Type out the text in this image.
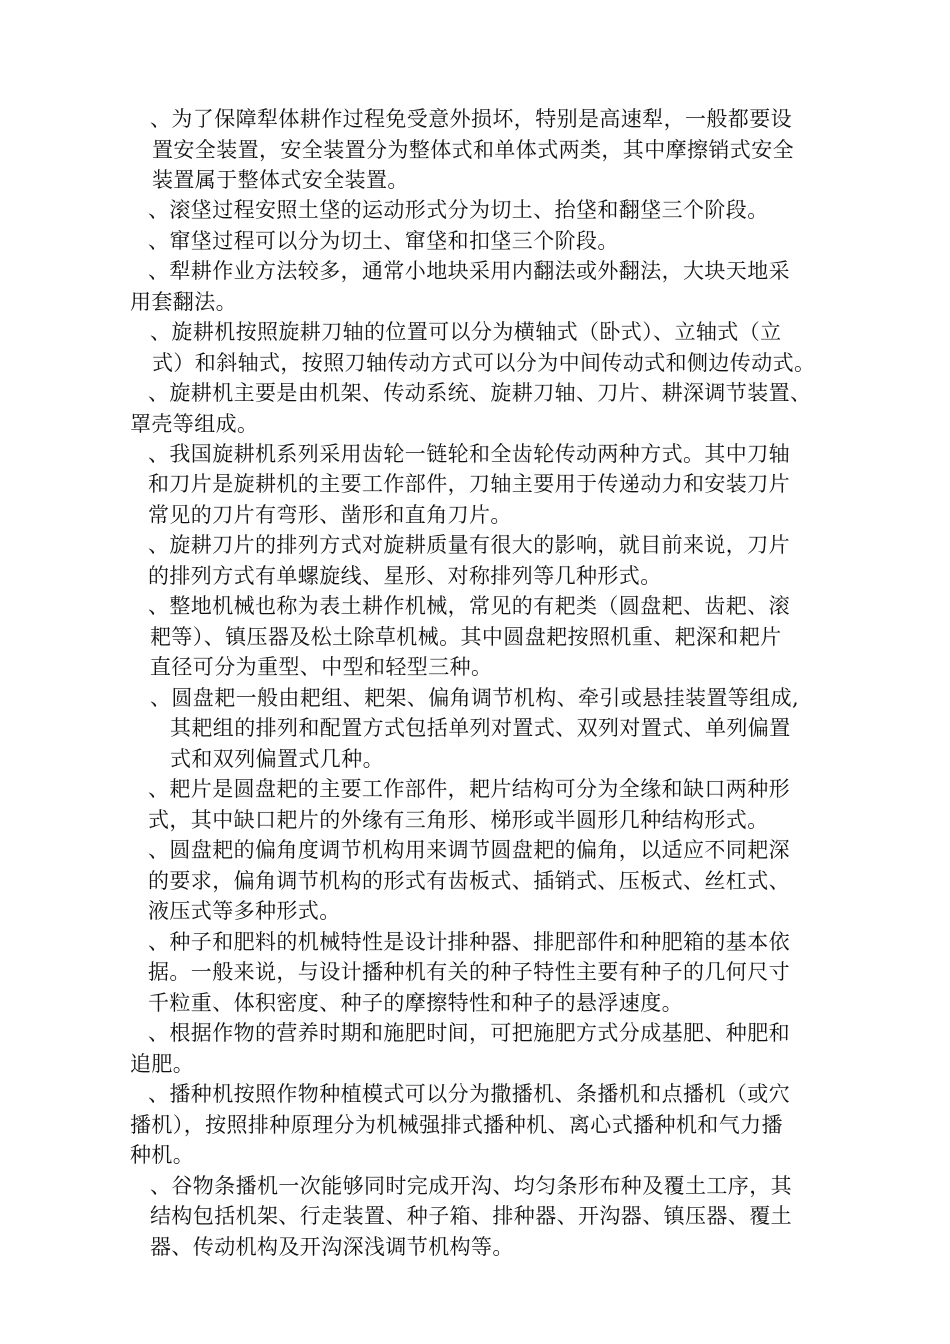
、为了保障犁体耕作过程免受意外损坏，特别是高速犁，一般都要设
置安全装置，安全装置分为整体式和单体式两类，其中摩擦销式安全
装置属于整体式安全装置。
、滚垡过程安照土垡的运动形式分为切土、抬垡和翻垡三个阶段。
、窜垡过程可以分为切土、窜垡和扣垡三个阶段。
、犁耕作业方法较多，通常小地块采用内翻法或外翻法，大块天地采
用套翻法。
、旋耕机按照旋耕刀轴的位置可以分为横轴式（卧式）、立轴式（立
式）和斜轴式，按照刀轴传动方式可以分为中间传动式和侧边传动式。
、旋耕机主要是由机架、传动系统、旋耕刀轴、刀片、耕深调节装置、
罩壳等组成。
、我国旋耕机系列采用齿轮一链轮和全齿轮传动两种方式。其中刀轴
和刀片是旋耕机的主要工作部件，刀轴主要用于传递动力和安装刀片
常见的刀片有弯形、凿形和直角刀片。
、旋耕刀片的排列方式对旋耕质量有很大的影响，就目前来说，刀片
的排列方式有单螺旋线、星形、对称排列等几种形式。
、整地机械也称为表土耕作机械，常见的有耙类（圆盘耙、齿耙、滚
耙等）、镇压器及松土除草机械。其中圆盘耙按照机重、耙深和耙片
直径可分为重型、中型和轻型三种。
、圆盘耙一般由耙组、耙架、偏角调节机构、牵引或悬挂装置等组成,
其耙组的排列和配置方式包括单列对置式、双列对置式、单列偏置
式和双列偏置式几种。
、耙片是圆盘耙的主要工作部件，耙片结构可分为全缘和缺口两种形
式，其中缺口耙片的外缘有三角形、梯形或半圆形几种结构形式。
、圆盘耙的偏角度调节机构用来调节圆盘耙的偏角，以适应不同耙深
的要求，偏角调节机构的形式有齿板式、插销式、压板式、丝杠式、
液压式等多种形式。
、种子和肥料的机械特性是设计排种器、排肥部件和种肥箱的基本依
据。一般来说，与设计播种机有关的种子特性主要有种子的几何尺寸
千粒重、体积密度、种子的摩擦特性和种子的悬浮速度。
、根据作物的营养时期和施肥时间，可把施肥方式分成基肥、种肥和
追肥。
、播种机按照作物种植模式可以分为撒播机、条播机和点播机（或穴
播机），按照排种原理分为机械强排式播种机、离心式播种机和气力播
种机。
、谷物条播机一次能够同时完成开沟、均匀条形布种及覆土工序，其
结构包括机架、行走装置、种子箱、排种器、开沟器、镇压器、覆土
器、传动机构及开沟深浅调节机构等。
